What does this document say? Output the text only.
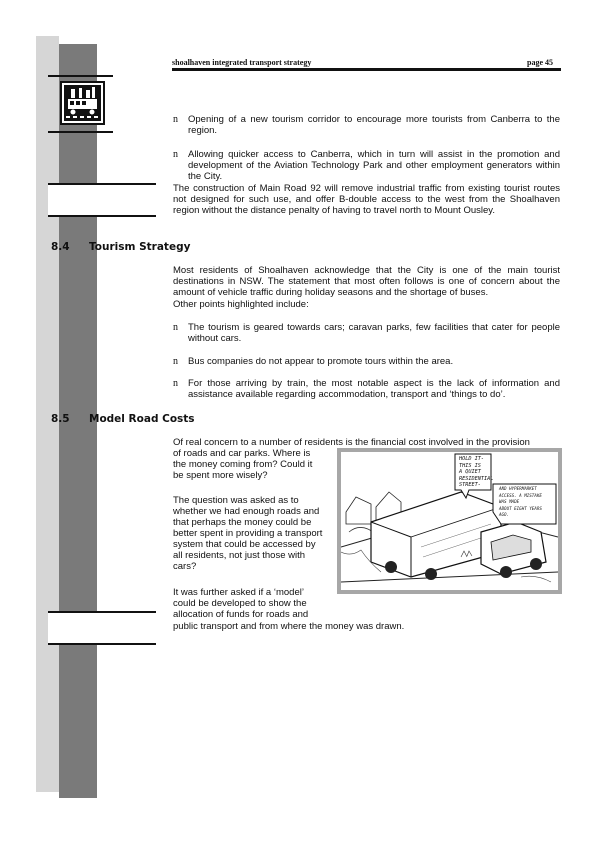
shoalhaven integrated transport strategy	page 45
n Opening of a new tourism corridor to encourage more tourists from Canberra to the region.
n Allowing quicker access to Canberra, which in turn will assist in the promotion and development of the Aviation Technology Park and other employment generators within the City.
The construction of Main Road 92 will remove industrial traffic from existing tourist routes not designed for such use, and offer B-double access to the west from the Shoalhaven region without the distance penalty of having to travel north to Mount Ousley.
8.4 Tourism Strategy
Most residents of Shoalhaven acknowledge that the City is one of the main tourist destinations in NSW. The statement that most often follows is one of concern about the amount of vehicle traffic during holiday seasons and the shortage of buses.
Other points highlighted include:
n The tourism is geared towards cars; caravan parks, few facilities that cater for people without cars.
n Bus companies do not appear to promote tours within the area.
n For those arriving by train, the most notable aspect is the lack of information and assistance available regarding accommodation, transport and ‘things to do’.
8.5 Model Road Costs
Of real concern to a number of residents is the financial cost involved in the provision
of roads and car parks. Where is
the money coming from? Could it
be spent more wisely?
The question was asked as to
whether we had enough roads and
that perhaps the money could be
better spent in providing a transport
system that could be accessed by
all residents, not just those with
cars?
It was further asked if a ‘model’
could be developed to show the
allocation of funds for roads and
public transport and from where the money was drawn.
HOLD IT-
THIS IS
A QUIET
RESIDENTIAL
STREET-
AND HYPERMARKET
ACCESS. A MISTAKE
WAS MADE
ABOUT EIGHT YEARS
AGO.
